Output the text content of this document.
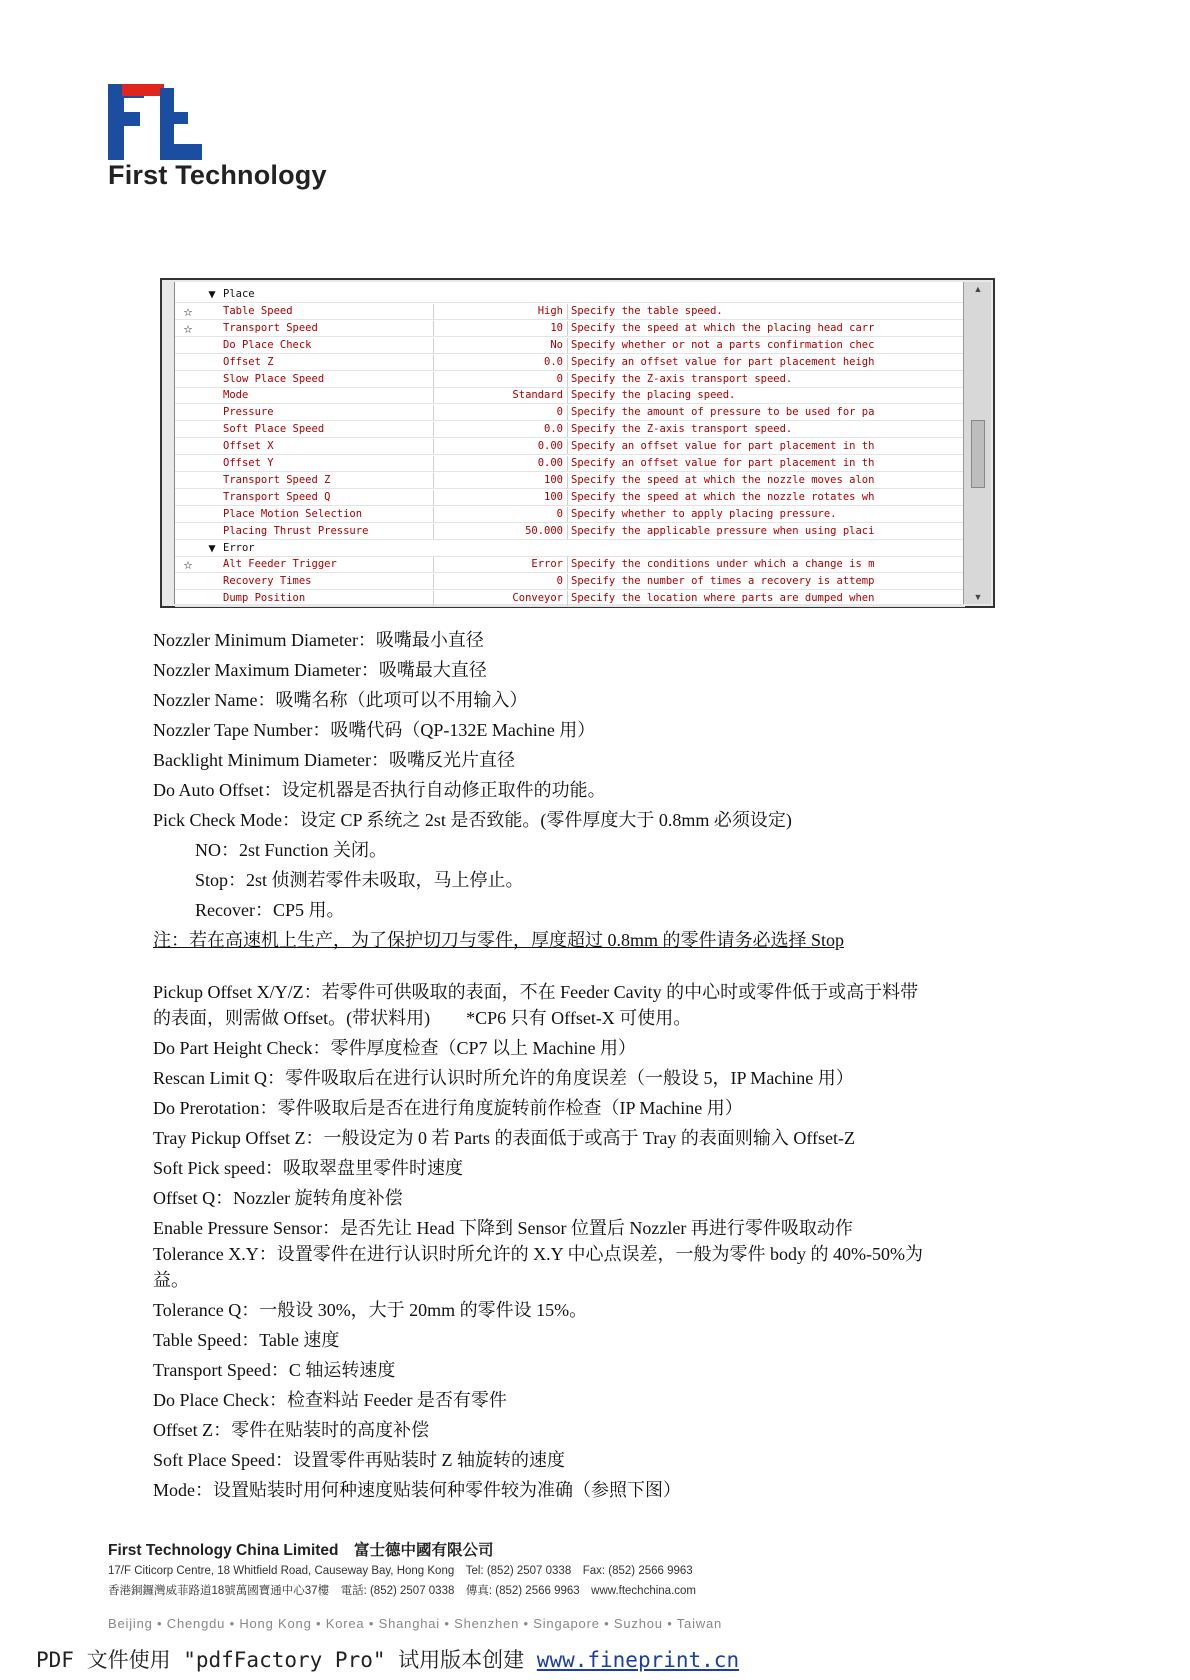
First Technology
▼ Place
☆	Table Speed	High Specify the table speed.
☆	Transport Speed	10 Specify the speed at which the placing head carr
Do Place Check	No Specify whether or not a parts confirmation chec
Offset Z	0.0 Specify an offset value for part placement heigh
Slow Place Speed	0 Specify the Z-axis transport speed.
Mode	Standard Specify the placing speed.
Pressure	0 Specify the amount of pressure to be used for pa
Soft Place Speed	0.0 Specify the Z-axis transport speed.
Offset X	0.00 Specify an offset value for part placement in th
Offset Y	0.00 Specify an offset value for part placement in th
Transport Speed Z	100 Specify the speed at which the nozzle moves alon
Transport Speed Q	100 Specify the speed at which the nozzle rotates wh
Place Motion Selection	0 Specify whether to apply placing pressure.
Placing Thrust Pressure	50.000 Specify the applicable pressure when using placi
▼ Error
☆	Alt Feeder Trigger	Error Specify the conditions under which a change is m
Recovery Times	0 Specify the number of times a recovery is attemp
Dump Position	Conveyor Specify the location where parts are dumped when
▲
▼
Nozzler Minimum Diameter：吸嘴最小直径
Nozzler Maximum Diameter：吸嘴最大直径
Nozzler Name：吸嘴名称（此项可以不用输入）
Nozzler Tape Number：吸嘴代码（QP-132E Machine 用）
Backlight Minimum Diameter：吸嘴反光片直径
Do Auto Offset：设定机器是否执行自动修正取件的功能。
Pick Check Mode：设定 CP 系统之 2st 是否致能。(零件厚度大于 0.8mm 必须设定)
NO：2st Function 关闭。
Stop：2st 侦测若零件未吸取，马上停止。
Recover：CP5 用。
注：若在高速机上生产，为了保护切刀与零件，厚度超过 0.8mm 的零件请务必选择 Stop
Pickup Offset X/Y/Z：若零件可供吸取的表面，不在 Feeder Cavity 的中心时或零件低于或高于料带
的表面，则需做 Offset。(带状料用)　　*CP6 只有 Offset-X 可使用。
Do Part Height Check：零件厚度检查（CP7 以上 Machine 用）
Rescan Limit Q：零件吸取后在进行认识时所允许的角度误差（一般设 5，IP Machine 用）
Do Prerotation：零件吸取后是否在进行角度旋转前作检查（IP Machine 用）
Tray Pickup Offset Z：一般设定为 0 若 Parts 的表面低于或高于 Tray 的表面则输入 Offset-Z
Soft Pick speed：吸取翠盘里零件时速度
Offset Q：Nozzler 旋转角度补偿
Enable Pressure Sensor：是否先让 Head 下降到 Sensor 位置后 Nozzler 再进行零件吸取动作
Tolerance X.Y：设置零件在进行认识时所允许的 X.Y 中心点误差，一般为零件 body 的 40%-50%为
益。
Tolerance Q：一般设 30%，大于 20mm 的零件设 15%。
Table Speed：Table 速度
Transport Speed：C 轴运转速度
Do Place Check：检查料站 Feeder 是否有零件
Offset Z：零件在贴装时的高度补偿
Soft Place Speed：设置零件再贴装时 Z 轴旋转的速度
Mode：设置贴装时用何种速度贴装何种零件较为准确（参照下图）
First Technology China Limited　富士德中國有限公司
17/F Citicorp Centre, 18 Whitfield Road, Causeway Bay, Hong Kong　Tel: (852) 2507 0338　Fax: (852) 2566 9963
香港銅鑼灣威菲路道18號萬國寶通中心37樓　電話: (852) 2507 0338　傳真: (852) 2566 9963　www.ftechchina.com
Beijing • Chengdu • Hong Kong • Korea • Shanghai • Shenzhen • Singapore • Suzhou • Taiwan
PDF 文件使用 "pdfFactory Pro" 试用版本创建 www.fineprint.cn
